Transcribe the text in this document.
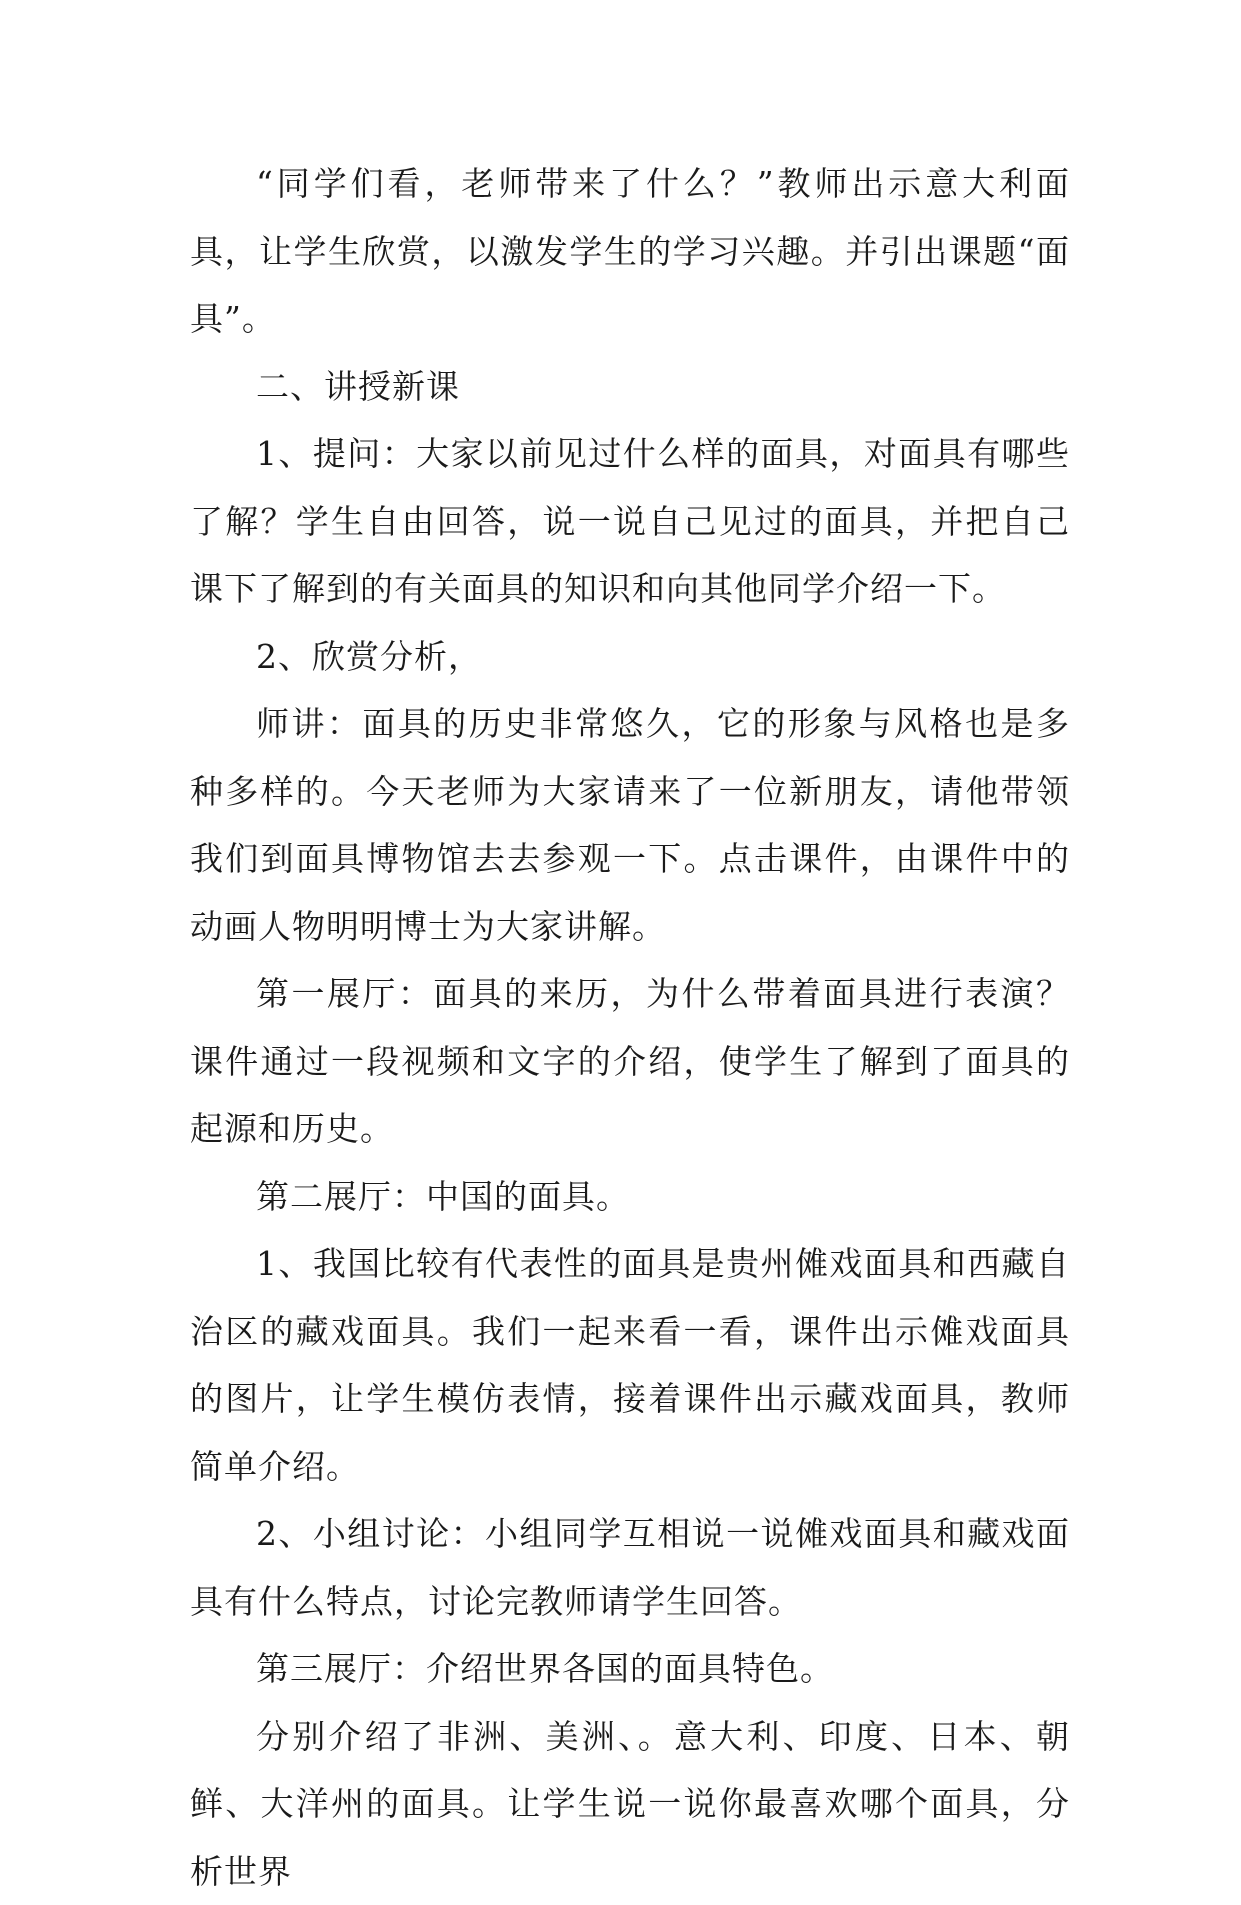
“同学们看，老师带来了什么？”教师出示意大利面具，让学生欣赏，以激发学生的学习兴趣。并引出课题“面具”。

二、讲授新课

1、提问：大家以前见过什么样的面具，对面具有哪些了解？学生自由回答，说一说自己见过的面具，并把自己课下了解到的有关面具的知识和向其他同学介绍一下。

2、欣赏分析，

师讲：面具的历史非常悠久，它的形象与风格也是多种多样的。今天老师为大家请来了一位新朋友，请他带领我们到面具博物馆去去参观一下。点击课件，由课件中的动画人物明明博士为大家讲解。

第一展厅：面具的来历，为什么带着面具进行表演？课件通过一段视频和文字的介绍，使学生了解到了面具的起源和历史。

第二展厅：中国的面具。

1、我国比较有代表性的面具是贵州傩戏面具和西藏自治区的藏戏面具。我们一起来看一看，课件出示傩戏面具的图片，让学生模仿表情，接着课件出示藏戏面具，教师简单介绍。

2、小组讨论：小组同学互相说一说傩戏面具和藏戏面具有什么特点，讨论完教师请学生回答。

第三展厅：介绍世界各国的面具特色。

分别介绍了非洲、美洲、。意大利、印度、日本、朝鲜、大洋州的面具。让学生说一说你最喜欢哪个面具，分析世界
